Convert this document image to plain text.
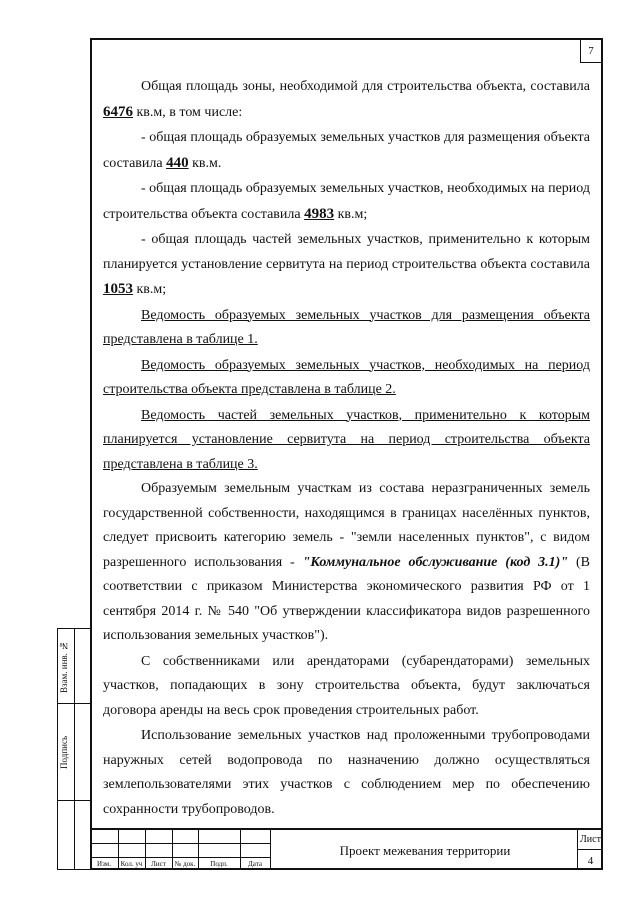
7

Общая площадь зоны, необходимой для строительства объекта, составила 6476 кв.м, в том числе:

- общая площадь образуемых земельных участков для размещения объекта составила 440 кв.м.

- общая площадь образуемых земельных участков, необходимых на период строительства объекта составила 4983 кв.м;

- общая площадь частей земельных участков, применительно к которым планируется установление сервитута на период строительства объекта составила 1053 кв.м;

Ведомость образуемых земельных участков для размещения объекта представлена в таблице 1.

Ведомость образуемых земельных участков, необходимых на период строительства объекта представлена в таблице 2.

Ведомость частей земельных участков, применительно к которым планируется установление сервитута на период строительства объекта представлена в таблице 3.

Образуемым земельным участкам из состава неразграниченных земель государственной собственности, находящимся в границах населённых пунктов, следует присвоить категорию земель - "земли населенных пунктов", с видом разрешенного использования - "Коммунальное обслуживание (код 3.1)" (В соответствии с приказом Министерства экономического развития РФ от 1 сентября 2014 г. № 540 "Об утверждении классификатора видов разрешенного использования земельных участков").

С собственниками или арендаторами (субарендаторами) земельных участков, попадающих в зону строительства объекта, будут заключаться договора аренды на весь срок проведения строительных работ.

Использование земельных участков над проложенными трубопроводами наружных сетей водопровода по назначению должно осуществляться землепользователями этих участков с соблюдением мер по обеспечению сохранности трубопроводов.

Взам. инв. №
Подпись
Изм.	Кол. уч	Лист	№ док.	Подп.	Дата
Проект межевания территории
Лист
4
